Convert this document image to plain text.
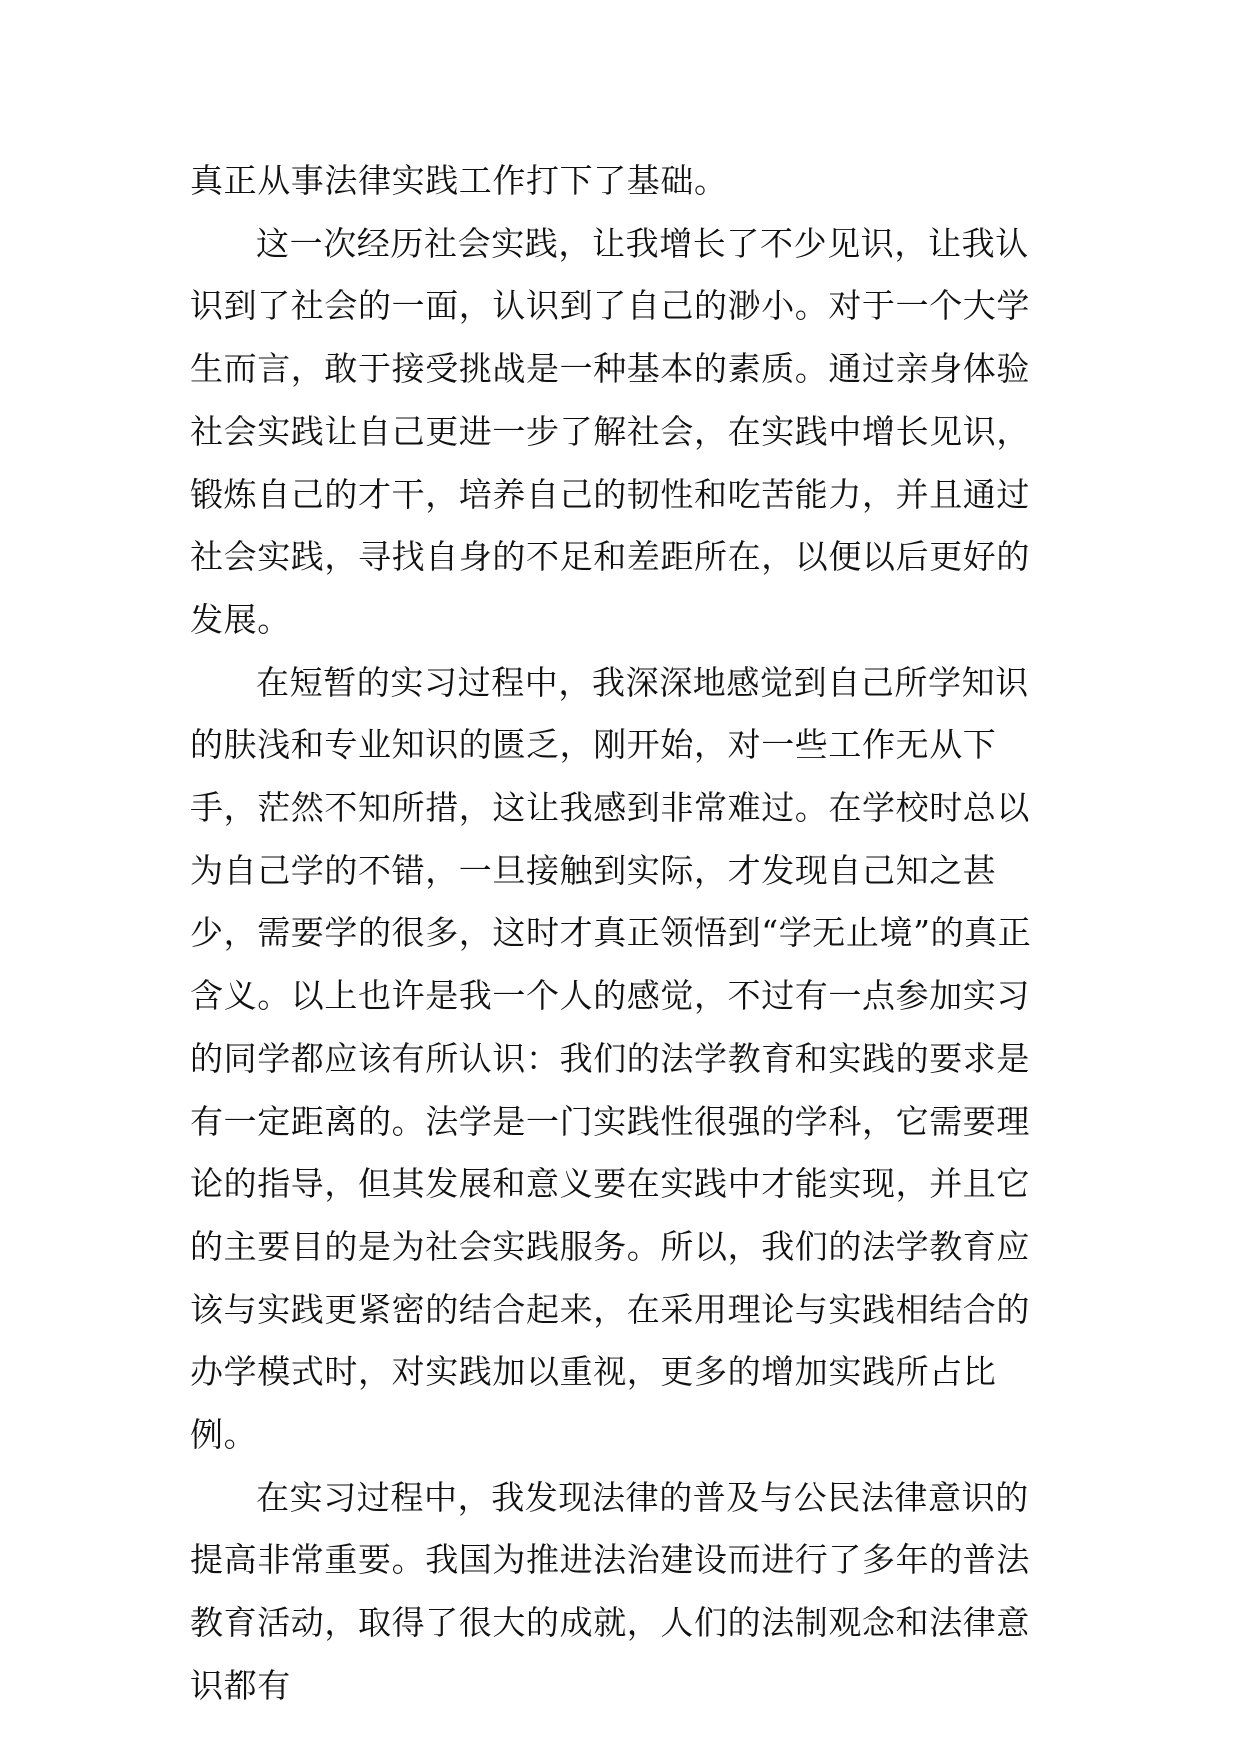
真正从事法律实践工作打下了基础。

这一次经历社会实践，让我增长了不少见识，让我认识到了社会的一面，认识到了自己的渺小。对于一个大学生而言，敢于接受挑战是一种基本的素质。通过亲身体验社会实践让自己更进一步了解社会，在实践中增长见识，锻炼自己的才干，培养自己的韧性和吃苦能力，并且通过社会实践，寻找自身的不足和差距所在，以便以后更好的发展。

在短暂的实习过程中，我深深地感觉到自己所学知识的肤浅和专业知识的匮乏，刚开始，对一些工作无从下手，茫然不知所措，这让我感到非常难过。在学校时总以为自己学的不错，一旦接触到实际，才发现自己知之甚少，需要学的很多，这时才真正领悟到“学无止境”的真正含义。以上也许是我一个人的感觉，不过有一点参加实习的同学都应该有所认识：我们的法学教育和实践的要求是有一定距离的。法学是一门实践性很强的学科，它需要理论的指导，但其发展和意义要在实践中才能实现，并且它的主要目的是为社会实践服务。所以，我们的法学教育应该与实践更紧密的结合起来，在采用理论与实践相结合的办学模式时，对实践加以重视，更多的增加实践所占比例。

在实习过程中，我发现法律的普及与公民法律意识的提高非常重要。我国为推进法治建设而进行了多年的普法教育活动，取得了很大的成就，人们的法制观念和法律意识都有
